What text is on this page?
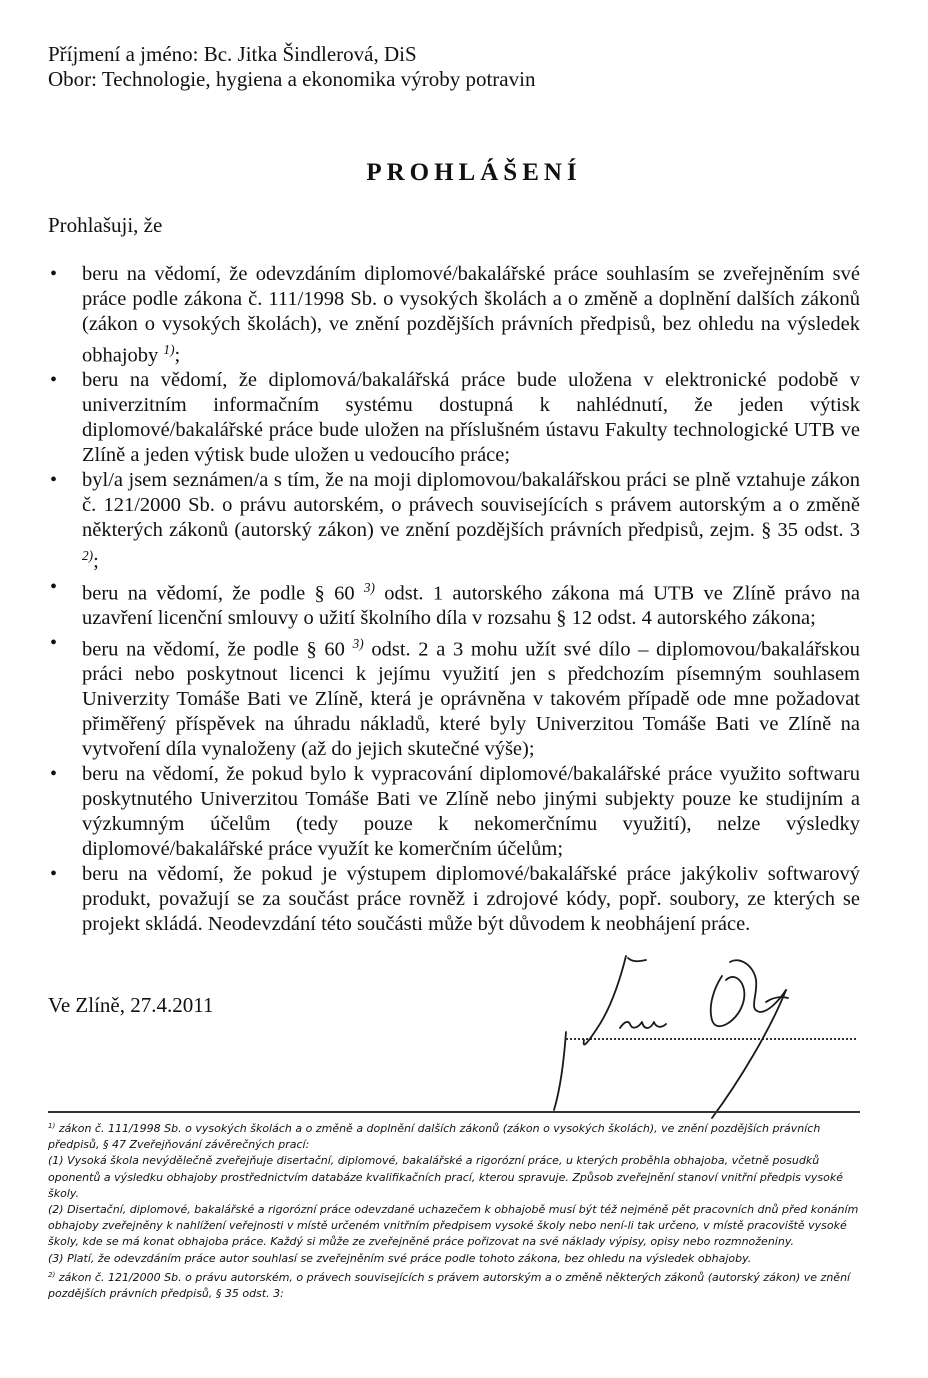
Příjmení a jméno: Bc. Jitka Šindlerová, DiS
Obor: Technologie, hygiena a ekonomika výroby potravin
PROHLÁŠENÍ
Prohlašuji, že
• beru na vědomí, že odevzdáním diplomové/bakalářské práce souhlasím se zveřejněním své práce podle zákona č. 111/1998 Sb. o vysokých školách a o změně a doplnění dalších zákonů (zákon o vysokých školách), ve znění pozdějších právních předpisů, bez ohledu na výsledek obhajoby $^{1)}$;
• beru na vědomí, že diplomová/bakalářská práce bude uložena v elektronické podobě v univerzitním informačním systému dostupná k nahlédnutí, že jeden výtisk diplomové/bakalářské práce bude uložen na příslušném ústavu Fakulty technologické UTB ve Zlíně a jeden výtisk bude uložen u vedoucího práce;
• byl/a jsem seznámen/a s tím, že na moji diplomovou/bakalářskou práci se plně vztahuje zákon č. 121/2000 Sb. o právu autorském, o právech souvisejících s právem autorským a o změně některých zákonů (autorský zákon) ve znění pozdějších právních předpisů, zejm. § 35 odst. 3 $^{2)}$;
• beru na vědomí, že podle § 60 $^{3)}$ odst. 1 autorského zákona má UTB ve Zlíně právo na uzavření licenční smlouvy o užití školního díla v rozsahu § 12 odst. 4 autorského zákona;
• beru na vědomí, že podle § 60 $^{3)}$ odst. 2 a 3 mohu užít své dílo – diplomovou/bakalářskou práci nebo poskytnout licenci k jejímu využití jen s předchozím písemným souhlasem Univerzity Tomáše Bati ve Zlíně, která je oprávněna v takovém případě ode mne požadovat přiměřený příspěvek na úhradu nákladů, které byly Univerzitou Tomáše Bati ve Zlíně na vytvoření díla vynaloženy (až do jejich skutečné výše);
• beru na vědomí, že pokud bylo k vypracování diplomové/bakalářské práce využito softwaru poskytnutého Univerzitou Tomáše Bati ve Zlíně nebo jinými subjekty pouze ke studijním a výzkumným účelům (tedy pouze k nekomerčnímu využití), nelze výsledky diplomové/bakalářské práce využít ke komerčním účelům;
• beru na vědomí, že pokud je výstupem diplomové/bakalářské práce jakýkoliv softwarový produkt, považují se za součást práce rovněž i zdrojové kódy, popř. soubory, ze kterých se projekt skládá. Neodevzdání této součásti může být důvodem k neobhájení práce.
Ve Zlíně, 27.4.2011

$^{1)}$ zákon č. 111/1998 Sb. o vysokých školách a o změně a doplnění dalších zákonů (zákon o vysokých školách), ve znění pozdějších právních předpisů, § 47 Zveřejňování závěrečných prací:

(1) Vysoká škola nevýdělečně zveřejňuje disertační, diplomové, bakalářské a rigorózní práce, u kterých proběhla obhajoba, včetně posudků oponentů a výsledku obhajoby prostřednictvím databáze kvalifikačních prací, kterou spravuje. Způsob zveřejnění stanoví vnitřní předpis vysoké školy.

(2) Disertační, diplomové, bakalářské a rigorózní práce odevzdané uchazečem k obhajobě musí být též nejméně pět pracovních dnů před konáním obhajoby zveřejněny k nahlížení veřejnosti v místě určeném vnitřním předpisem vysoké školy nebo není-li tak určeno, v místě pracoviště vysoké školy, kde se má konat obhajoba práce. Každý si může ze zveřejněné práce pořizovat na své náklady výpisy, opisy nebo rozmnoženiny.

(3) Platí, že odevzdáním práce autor souhlasí se zveřejněním své práce podle tohoto zákona, bez ohledu na výsledek obhajoby.

$^{2)}$ zákon č. 121/2000 Sb. o právu autorském, o právech souvisejících s právem autorským a o změně některých zákonů (autorský zákon) ve znění pozdějších právních předpisů, § 35 odst. 3:
